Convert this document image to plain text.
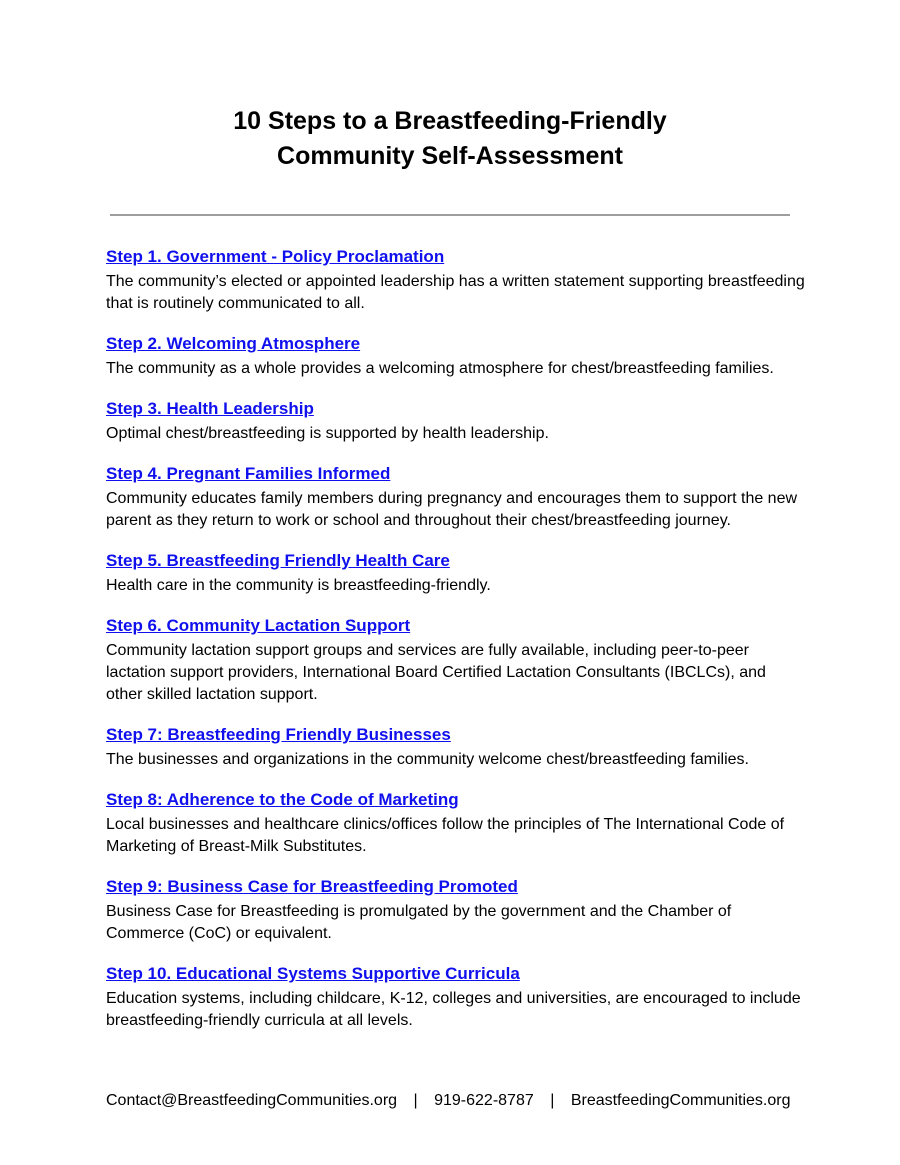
10 Steps to a Breastfeeding-Friendly
Community Self-Assessment
Step 1. Government - Policy Proclamation

The community’s elected or appointed leadership has a written statement supporting breastfeeding that is routinely communicated to all.

Step 2. Welcoming Atmosphere

The community as a whole provides a welcoming atmosphere for chest/breastfeeding families.

Step 3. Health Leadership

Optimal chest/breastfeeding is supported by health leadership.

Step 4. Pregnant Families Informed

Community educates family members during pregnancy and encourages them to support the new parent as they return to work or school and throughout their chest/breastfeeding journey.

Step 5. Breastfeeding Friendly Health Care

Health care in the community is breastfeeding-friendly.

Step 6. Community Lactation Support

Community lactation support groups and services are fully available, including peer-to-peer lactation support providers, International Board Certified Lactation Consultants (IBCLCs), and other skilled lactation support.

Step 7: Breastfeeding Friendly Businesses

The businesses and organizations in the community welcome chest/breastfeeding families.

Step 8: Adherence to the Code of Marketing

Local businesses and healthcare clinics/offices follow the principles of The International Code of Marketing of Breast-Milk Substitutes.

Step 9: Business Case for Breastfeeding Promoted

Business Case for Breastfeeding is promulgated by the government and the Chamber of Commerce (CoC) or equivalent.

Step 10. Educational Systems Supportive Curricula

Education systems, including childcare, K-12, colleges and universities, are encouraged to include breastfeeding-friendly curricula at all levels.

Contact@BreastfeedingCommunities.org | 919-622-8787 | BreastfeedingCommunities.org
